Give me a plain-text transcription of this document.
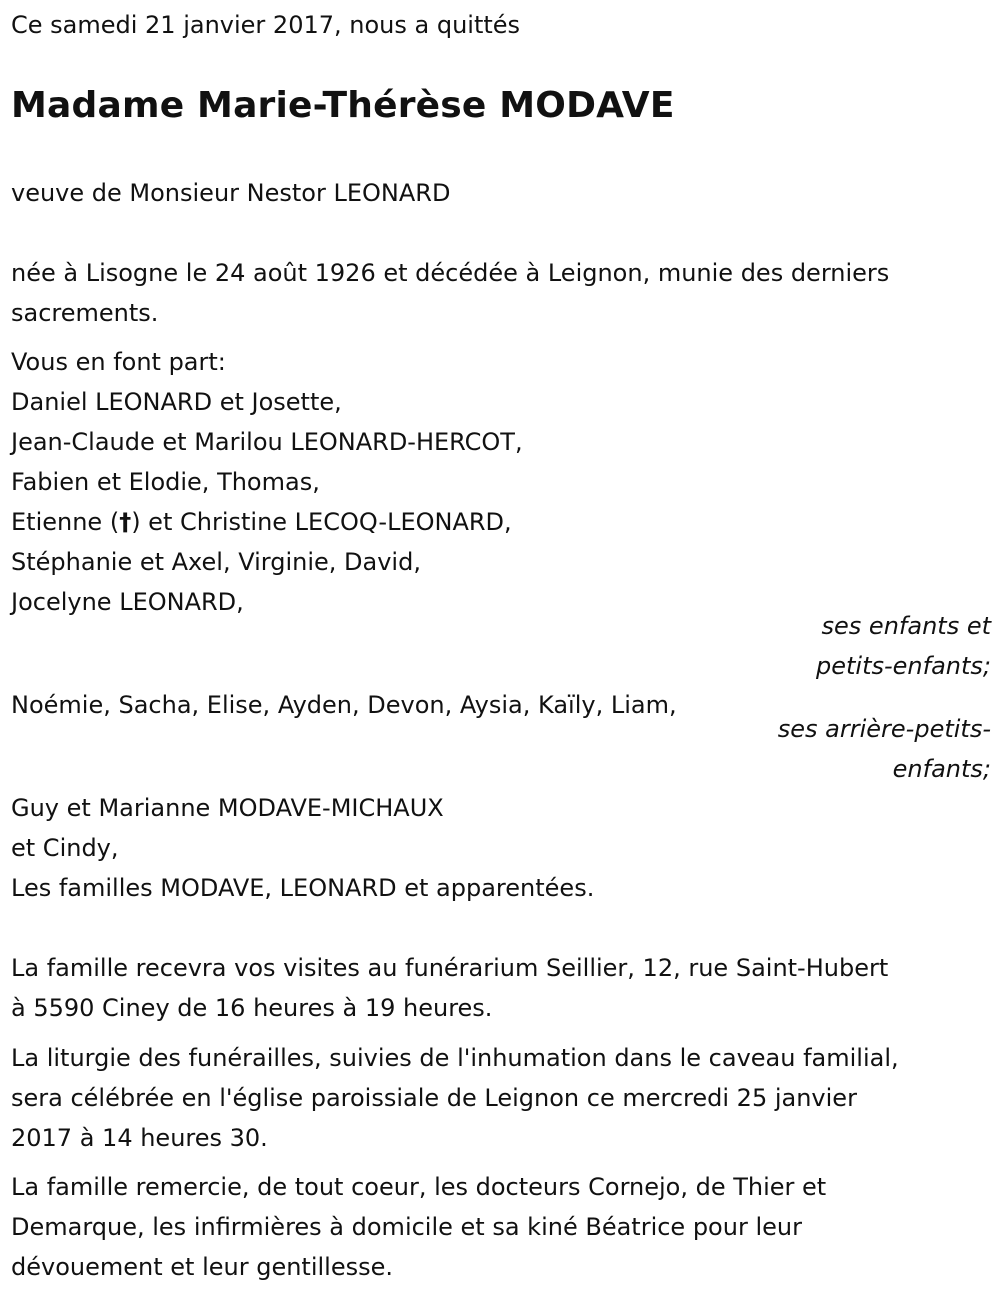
Ce samedi 21 janvier 2017, nous a quittés

Madame Marie-Thérèse MODAVE

veuve de Monsieur Nestor LEONARD

née à Lisogne le 24 août 1926 et décédée à Leignon, munie des derniers

sacrements.

Vous en font part:

Daniel LEONARD et Josette,

Jean-Claude et Marilou LEONARD-HERCOT,

Fabien et Elodie, Thomas,

Etienne (†) et Christine LECOQ-LEONARD,

Stéphanie et Axel, Virginie, David,

Jocelyne LEONARD,

ses enfants et
petits-enfants;

Noémie, Sacha, Elise, Ayden, Devon, Aysia, Kaïly, Liam,

ses arrière-petits-
enfants;

Guy et Marianne MODAVE-MICHAUX

et Cindy,

Les familles MODAVE, LEONARD et apparentées.

La famille recevra vos visites au funérarium Seillier, 12, rue Saint-Hubert

à 5590 Ciney de 16 heures à 19 heures.

La liturgie des funérailles, suivies de l'inhumation dans le caveau familial,

sera célébrée en l'église paroissiale de Leignon ce mercredi 25 janvier

2017 à 14 heures 30.

La famille remercie, de tout coeur, les docteurs Cornejo, de Thier et

Demarque, les infirmières à domicile et sa kiné Béatrice pour leur

dévouement et leur gentillesse.
